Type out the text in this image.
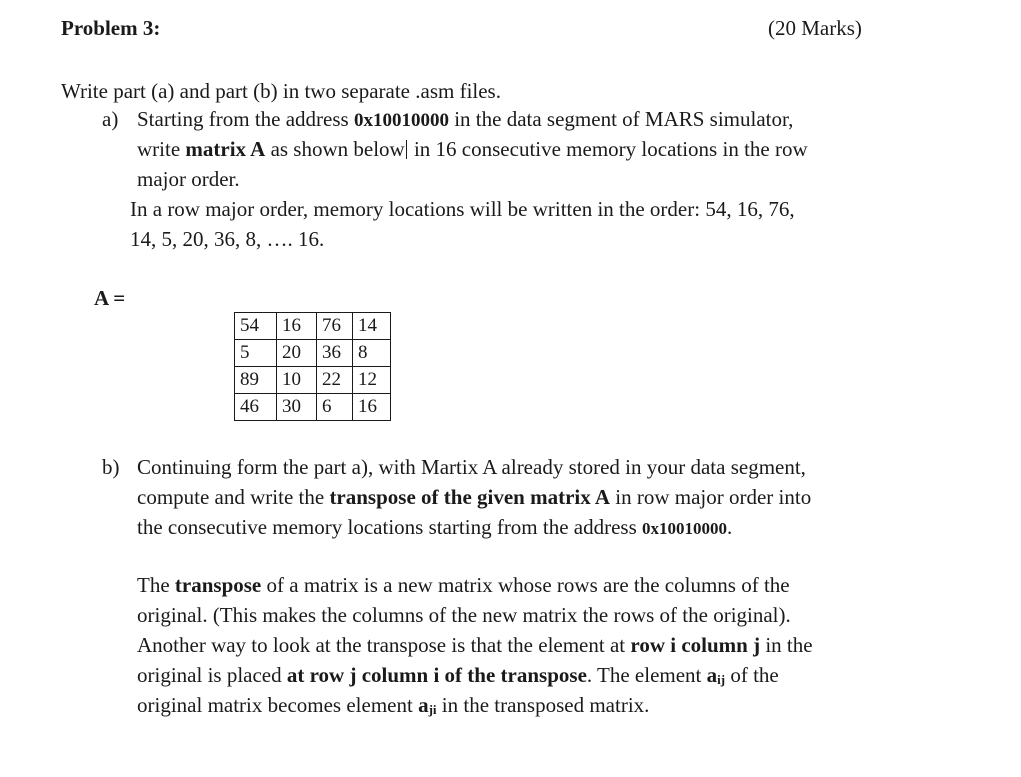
Problem 3:	(20 Marks)
Write part (a) and part (b) in two separate .asm files.
a) Starting from the address 0x10010000 in the data segment of MARS simulator,
write matrix A as shown below in 16 consecutive memory locations in the row
major order.
In a row major order, memory locations will be written in the order: 54, 16, 76,
14, 5, 20, 36, 8, …. 16.
A =
54	16	76	14
5	20	36	8
89	10	22	12
46	30	6	16
b) Continuing form the part a), with Martix A already stored in your data segment,
compute and write the transpose of the given matrix A in row major order into
the consecutive memory locations starting from the address 0x10010000.
The transpose of a matrix is a new matrix whose rows are the columns of the
original. (This makes the columns of the new matrix the rows of the original).
Another way to look at the transpose is that the element at row i column j in the
original is placed at row j column i of the transpose. The element $a_{ij}$ of the
original matrix becomes element $a_{ji}$ in the transposed matrix.
